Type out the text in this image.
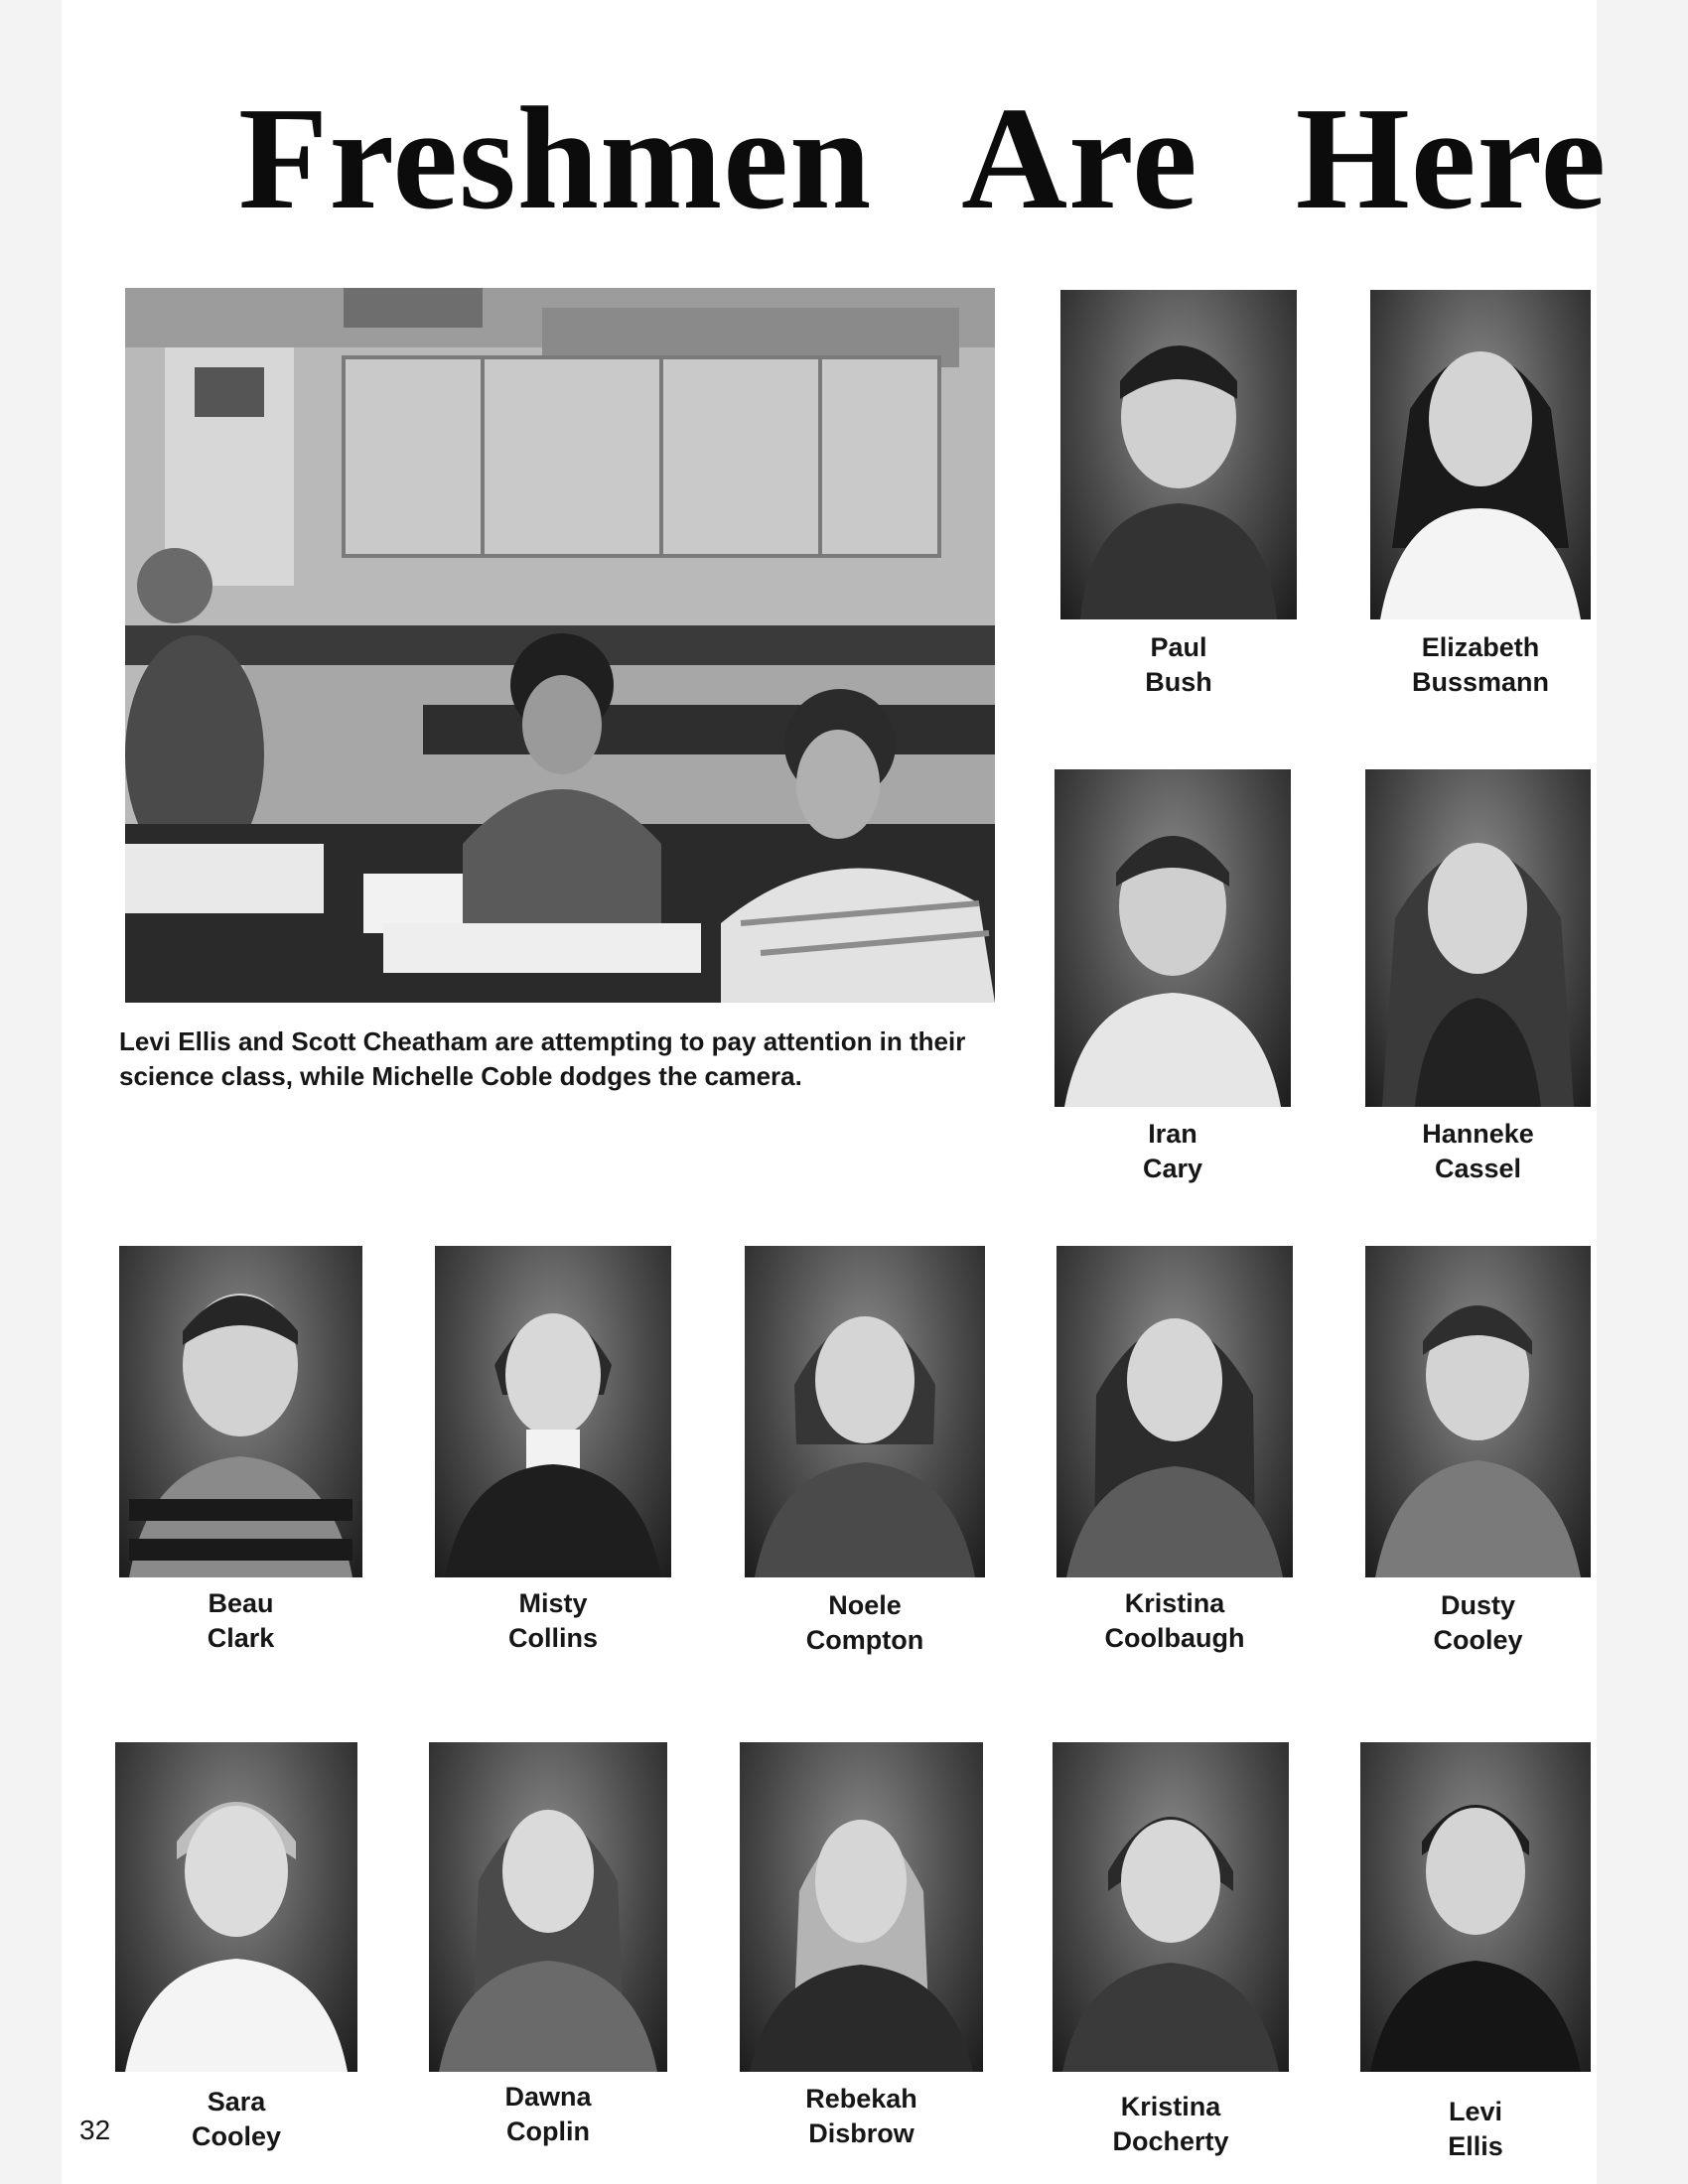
Freshmen Are Here
Levi Ellis and Scott Cheatham are attempting to pay attention in their science class, while Michelle Coble dodges the camera.
Paul
Bush
Elizabeth
Bussmann
Iran
Cary
Hanneke
Cassel
Beau
Clark
Misty
Collins
Noele
Compton
Kristina
Coolbaugh
Dusty
Cooley
Sara
Cooley
Dawna
Coplin
Rebekah
Disbrow
Kristina
Docherty
Levi
Ellis
32
